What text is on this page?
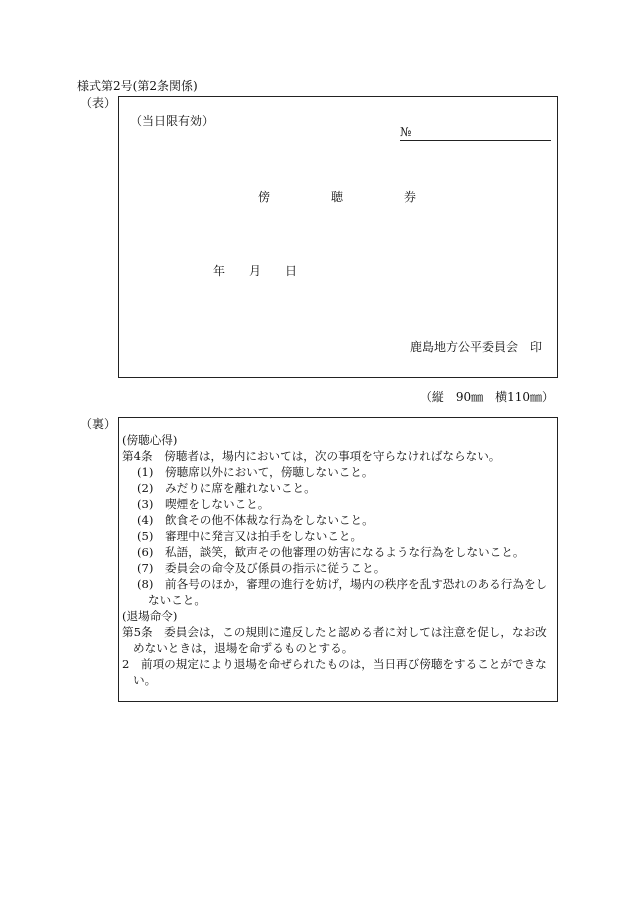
様式第2号(第2条関係)
（表）
（当日限有効）
№
傍聴券
年 月 日
鹿島地方公平委員会　印
（縦　90㎜　横110㎜）
（裏）
(傍聴心得)
第4条　傍聴者は，場内においては，次の事項を守らなければならない。
(1)　傍聴席以外において，傍聴しないこと。
(2)　みだりに席を離れないこと。
(3)　喫煙をしないこと。
(4)　飲食その他不体裁な行為をしないこと。
(5)　審理中に発言又は拍手をしないこと。
(6)　私語，談笑，歓声その他審理の妨害になるような行為をしないこと。
(7)　委員会の命令及び係員の指示に従うこと。
(8)　前各号のほか，審理の進行を妨げ，場内の秩序を乱す恐れのある行為をし
ないこと。
(退場命令)
第5条　委員会は，この規則に違反したと認める者に対しては注意を促し，なお改
めないときは，退場を命ずるものとする。
2　前項の規定により退場を命ぜられたものは，当日再び傍聴をすることができな
い。
